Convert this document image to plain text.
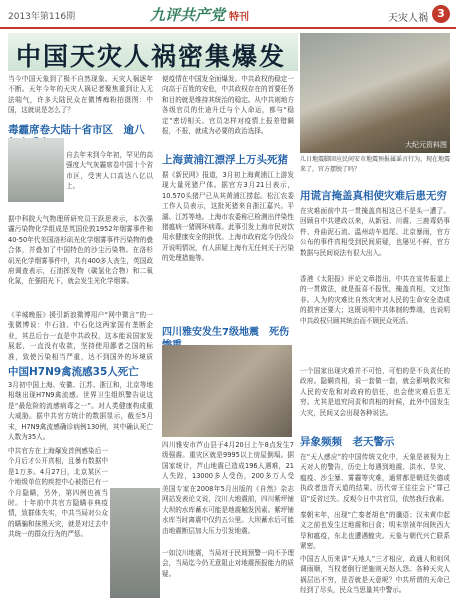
2013年第116期	九评共产党 特刊	天灾人祸 3
中国天灾人祸密集爆发
大纪元资料图
儿日地震脚回应民间安市地震预报属谣言行为，现在地震来了，官方摆脱了吗？
当今中国天象到了极不自然现象。天灾人祸逐年不断。天年今年的天灾人祸记者聚焦重到让人无法喘气，许多大陆民众在微博痴粉拍摄图：中国，这就说是怎么了？
毒霾席卷大陆十省市区　逾八
自去年末到今年初，罕见的高强度大气灰霾席卷中国十个省市区，受害人口高达八亿以上。
据中科院大气物理所研究员王跃思表示，本次强霾污染物化学组成是英国伦敦1952年烟雾事件和40-50年代美国洛杉矶光化学烟雾事件污染物的叠合体，并叠加了中国特色的沙尘污染物。在洛杉矶光化学烟雾事件中，共有400多人丧生，英国政府调查表示，石油挥发物（碳氢化合物）和二氧化氮，在强阳光下，就会发生光化学烟雾。
《羊城晚报》援引新浪微博用户“网中微言”的一张微博说：中石油、中石化这两家国有垄断企业，其总后台一直是中共政权，这本能说国家发展起，一直没有收款，坚持使用鄙者之国的标准，致使污染相当严重，达不到国外的环境质
中国H7N9禽流感35人死亡
3月初中国上海、安徽、江苏、浙江和，北京等地相继出现H7N9禽流感。世界卫生组织警告说这是“最危险的流感病毒之一”。对人类健康构成重大威胁。据中共官方统计的数据显示，截至5月末，H7N9禽流感确诊病例130例，其中确认死亡人数为35人。
中共官方在上海爆发首例感染后一个月后才公开真相，且暴有数据中是1万多。4月27日，北京某区一个地级单位的疾控中心被指已有一个月隐瞒，另外，第四例也被当时。十年前中共官方隐瞒非典疫情，致群体失实，中共当局对公众的瞒骗和抹黑天灾，就是对过去中共统一的群众行为的严惩。
便疫情在中国发全面爆发。中共政权的稳定一向高于百姓的安危，中共政权存在的首要任务和目的就是维持其统治的稳定。从中共则地方各级官员的仕途升迁与个人命运，都与“稳定”密切相关。官员怎样对疫情上报差错瞒报，不报，就成为必要的政治选择。
上海黄浦江漂浮上万头死猪
据《新民网》报道，3月初上海黄浦江上游发现大量死猪尸体。据官方3月21日表示，10.570头猪尸已从其黄浦江捞起。松江农委工作人员表示，这批死猪来自浙江嘉兴。平湖、江苏等地。上海市农委称已检测出伴染性猪瘟病一猪圆环病毒。此事引发上海市民对饮用水健康安全的担忧。上海市政府迄今仍没公开说明情况，有人质疑上海有无任何关于污染的处理措施等。
四川雅安发生7级地震　死伤
四川雅安市芦山县于4月20日上午8点发生7级强震。重灾区就是9995以上房屋倒塌。据国家统计，芦山地震已造成196人遇难，21人失踪，13000多人受伤，200多万人受
美国专家在2008年5月出版的《自然》杂志网站发表论文说，汶川大地震前，四川紫坪铺大坝的水库蓄水可能是地震触发因素。紫坪铺水库当时离震中仅约五公里。大坝蓄水后可能由地震断层加大压力引发地震。
一如汶川地震，当局对于民间预警一向不予理会，当局迄今仍无意阻止对地震预报能力的质疑。
用谎言掩盖真相使灾难后患无穷
在灾难面前中共一贯掩盖真相这已不是头一遭了。回顾自中共建政以来，从新冠、川震、三鹿毒奶事件、舟曲泥石流、温州动车追尾、北京暴雨，官方公布的事件真相受到民间质疑，也屡见不鲜，官方数据与民间说法有很大出入。
香港《太阳报》评论文章指出，中共在宣传报道上的一贯做法，就是报喜不报忧，掩盖真相，文过饰非。人为的灾难比自然灾害对人民的生命安全造成的损害还要大；这既说明中共体制的弊端，也说明中共政权只顾其统治而不顾民众死活。
一个国家出现灾难并不可怕，可怕的是不负责任的政府。隐瞒真相，说一套做一套，就会影响救灾和人民的安危和对政府的信任，也会使灾难后患无穷。尤其是追究问责和真相的时候，此外中国发生大灾，民间又会出现各种说法。
异象频频　老天警示
在“天人感应”的中国传统文化中，天象是被视为上天对人的警告，历史上每遇到地震、洪水、旱灾、瘟疫、沙尘暴、雾霾等灾难，通常都是朝廷失德或执政者违背天道的结果。历代帝王往往会下“罪己诏”反省过失。反观今日中共官员，依然我行我素。
秦朝末年，出现“亡秦者胡也”的谶语；汉末黄巾起义之前也发生过地震和日食；明末崇祯年间陕西大旱和瘟疫，东北也遭遇蝗灾。天象与朝代兴亡联系紧密。
中国古人历来讲“天地人”三才相应，政通人和则风调雨顺，当权者倒行逆施则天怒人怨。各种天灾人祸层出不穷，是否就是天意呢？中共所谓的天命已经到了尽头，民众当思量其中警示。
